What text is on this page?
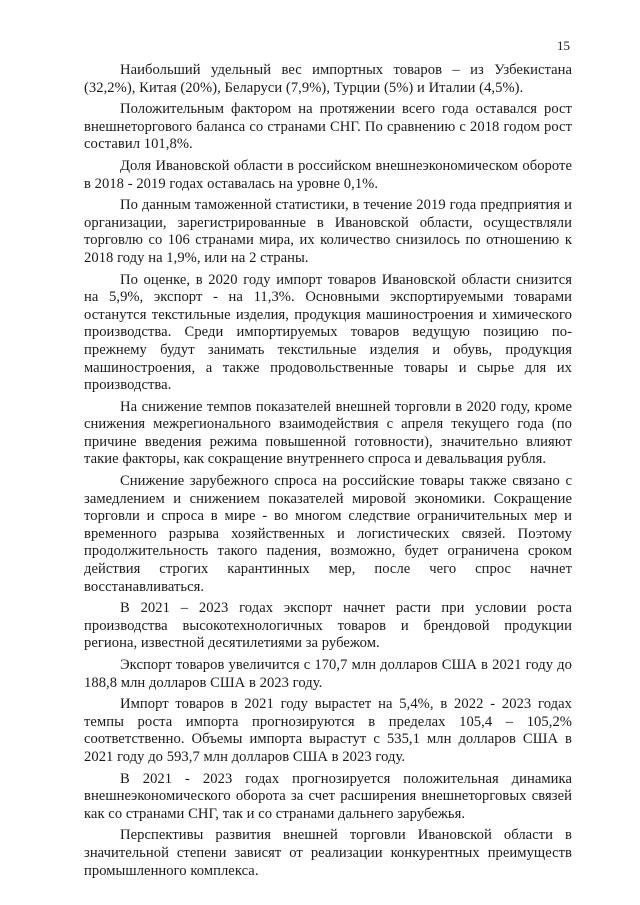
15

Наибольший удельный вес импортных товаров – из Узбекистана (32,2%), Китая (20%), Беларуси (7,9%), Турции (5%) и Италии (4,5%).

Положительным фактором на протяжении всего года оставался рост внешнеторгового баланса со странами СНГ. По сравнению с 2018 годом рост составил 101,8%.

Доля Ивановской области в российском внешнеэкономическом обороте в 2018 - 2019 годах оставалась на уровне 0,1%.

По данным таможенной статистики, в течение 2019 года предприятия и организации, зарегистрированные в Ивановской области, осуществляли торговлю со 106 странами мира, их количество снизилось по отношению к 2018 году на 1,9%, или на 2 страны.

По оценке, в 2020 году импорт товаров Ивановской области снизится на 5,9%, экспорт - на 11,3%. Основными экспортируемыми товарами останутся текстильные изделия, продукция машиностроения и химического производства. Среди импортируемых товаров ведущую позицию по-прежнему будут занимать текстильные изделия и обувь, продукция машиностроения, а также продовольственные товары и сырье для их производства.

На снижение темпов показателей внешней торговли в 2020 году, кроме снижения межрегионального взаимодействия с апреля текущего года (по причине введения режима повышенной готовности), значительно влияют такие факторы, как сокращение внутреннего спроса и девальвация рубля.

Снижение зарубежного спроса на российские товары также связано с замедлением и снижением показателей мировой экономики. Сокращение торговли и спроса в мире - во многом следствие ограничительных мер и временного разрыва хозяйственных и логистических связей. Поэтому продолжительность такого падения, возможно, будет ограничена сроком действия строгих карантинных мер, после чего спрос начнет восстанавливаться.

В 2021 – 2023 годах экспорт начнет расти при условии роста производства высокотехнологичных товаров и брендовой продукции региона, известной десятилетиями за рубежом.

Экспорт товаров увеличится с 170,7 млн долларов США в 2021 году до 188,8 млн долларов США в 2023 году.

Импорт товаров в 2021 году вырастет на 5,4%, в 2022 - 2023 годах темпы роста импорта прогнозируются в пределах 105,4 – 105,2% соответственно. Объемы импорта вырастут с 535,1 млн долларов США в 2021 году до 593,7 млн долларов США в 2023 году.

В 2021 - 2023 годах прогнозируется положительная динамика внешнеэкономического оборота за счет расширения внешнеторговых связей как со странами СНГ, так и со странами дальнего зарубежья.

Перспективы развития внешней торговли Ивановской области в значительной степени зависят от реализации конкурентных преимуществ промышленного комплекса.
